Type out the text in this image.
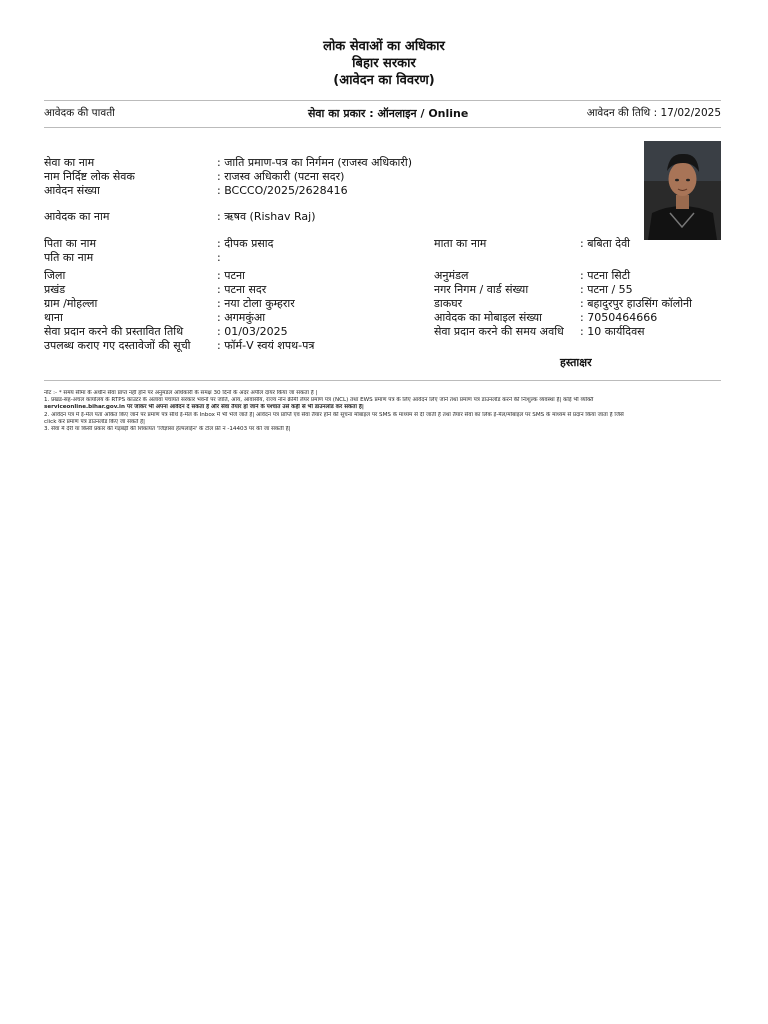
लोक सेवाओं का अधिकार
बिहार सरकार
(आवेदन का विवरण)
आवेदक की पावती	सेवा का प्रकार : ऑनलाइन / Online	आवेदन की तिथि : 17/02/2025
सेवा का नाम	: जाति प्रमाण-पत्र का निर्गमन (राजस्व अधिकारी)
नाम निर्दिष्ट लोक सेवक	: राजस्व अधिकारी (पटना सदर)
आवेदन संख्या	: BCCCO/2025/2628416
आवेदक का नाम	: ऋषव (Rishav Raj)
पिता का नाम	: दीपक प्रसाद	माता का नाम	: बबिता देवी
पति का नाम	:
जिला	: पटना	अनुमंडल	: पटना सिटी
प्रखंड	: पटना सदर	नगर निगम / वार्ड संख्या	: पटना / 55
ग्राम /मोहल्ला	: नया टोला कुम्हरार	डाकघर	: बहादुरपुर हाउसिंग कॉलोनी
थाना	: अगमकुंआ	आवेदक का मोबाइल संख्या	: 7050464666
सेवा प्रदान करने की प्रस्तावित तिथि	: 01/03/2025	सेवा प्रदान करने की समय अवधि : 10 कार्यदिवस
उपलब्ध कराए गए दस्तावेजों की सूची : फॉर्म-V स्वयं शपथ-पत्र
हस्ताक्षर
नोट :- * समय सीमा के अधीन सेवा प्राप्त नहीं होने पर अनुमंडल अधिकारी के समक्ष 30 दिनों के अंदर अपील दायर किया जा सकता है |
1. प्रखंड-सह-अंचल कार्यालय के RTPS काउंटर के अलावा पंचायत सरकार भवनों पर जाति, आय, आवासीय, राज्य नॉन क्रीमी लेयर प्रमाण पत्र (NCL) तथा EWS प्रमाण पत्र के लिए आवेदन लिए जाने तथा प्रमाण पत्र डाउनलोड करने की निःशुल्क व्यवस्था है| कोई भी व्यक्ति
serviceonline.bihar.gov.in पर जाकर भी अपना आवेदन दे सकता है और सेवा तैयार हो जाने के पश्चात उसे कहीं से भी डाउनलोड कर सकता है|
2. आवेदन पत्र में ई-मेल पता अंकित किए जाने पर प्रमाण पत्र सीधे ई-मेल के Inbox में भी भेजे जाते हैं| आवेदन पत्र प्राप्ति एवं सेवा तैयार होने की सूचना मोबाइल पर SMS के माध्यम से दी जाती है तथा तैयार सेवा का लिंक ई-मेल/मोबाइल पर SMS के माध्यम से प्रदान किया जाता है जिसे
click कर प्रमाण पत्र डाउनलोड किए जा सकते हैं|
3. सेवा में देरी या किसी प्रकार की गड़बड़ी की शिकायत 'जिज्ञासा हेल्पलाईन' के टॉल फ्री नं -14403 पर की जा सकती है|
